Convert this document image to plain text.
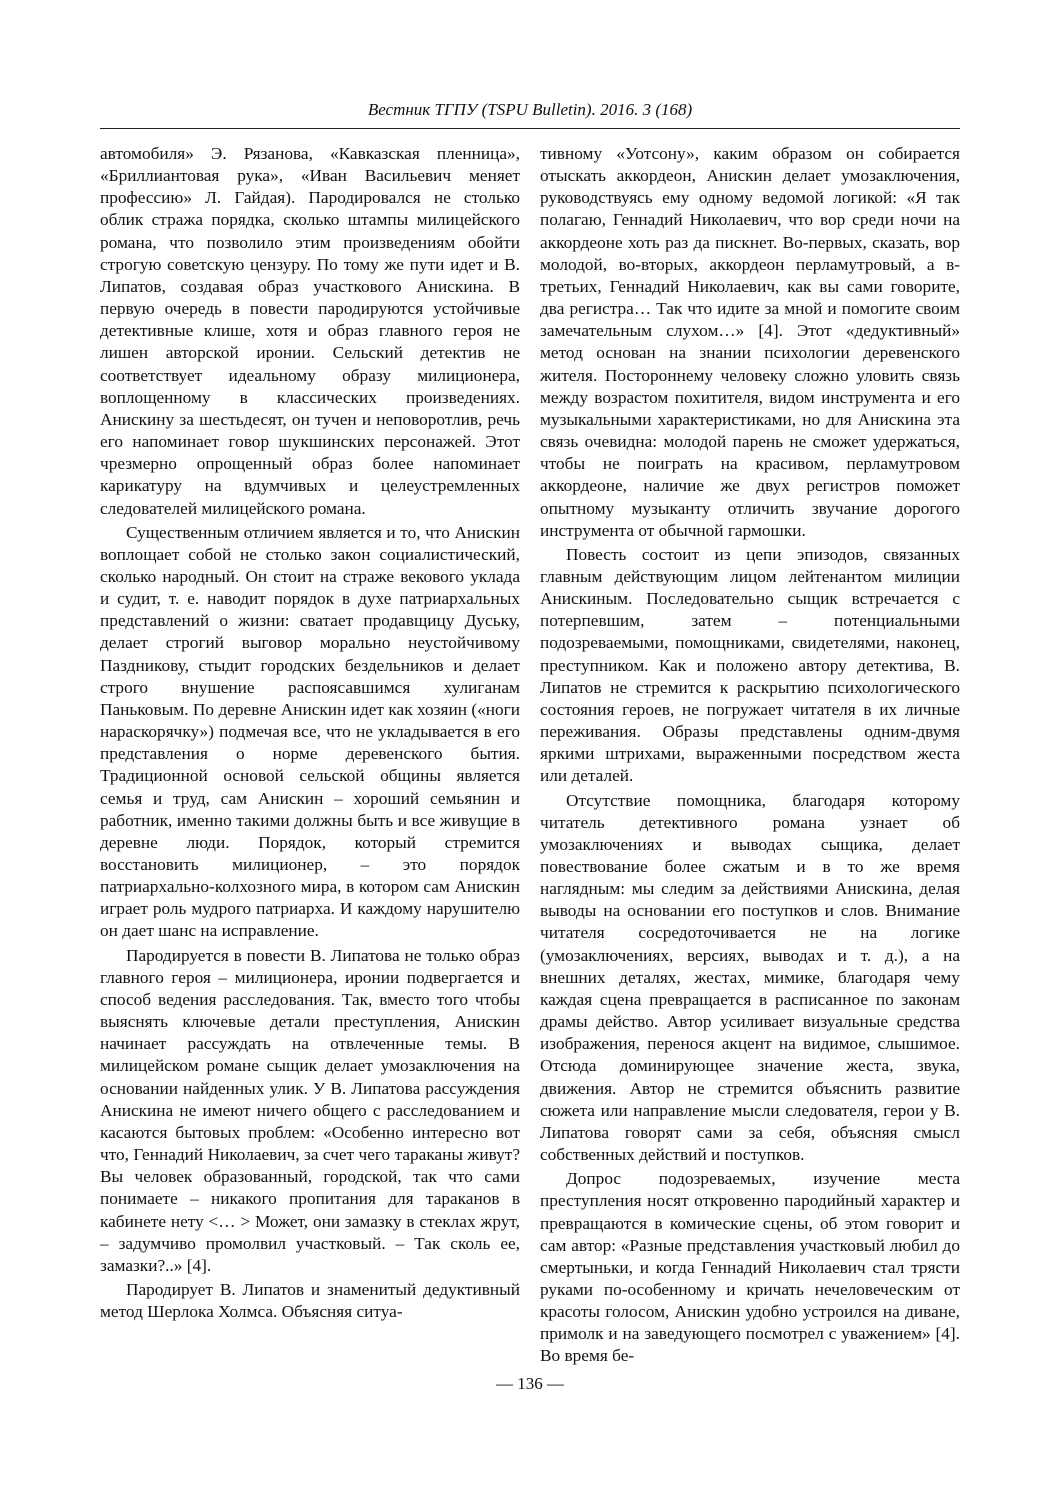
Вестник ТГПУ (TSPU Bulletin). 2016. 3 (168)

автомобиля» Э. Рязанова, «Кавказская пленница», «Бриллиантовая рука», «Иван Васильевич меняет профессию» Л. Гайдая). Пародировался не столько облик стража порядка, сколько штампы милицейского романа, что позволило этим произведениям обойти строгую советскую цензуру. По тому же пути идет и В. Липатов, создавая образ участкового Анискина. В первую очередь в повести пародируются устойчивые детективные клише, хотя и образ главного героя не лишен авторской иронии. Сельский детектив не соответствует идеальному образу милиционера, воплощенному в классических произведениях. Анискину за шестьдесят, он тучен и неповоротлив, речь его напоминает говор шукшинских персонажей. Этот чрезмерно опрощенный образ более напоминает карикатуру на вдумчивых и целеустремленных следователей милицейского романа.

Существенным отличием является и то, что Анискин воплощает собой не столько закон социалистический, сколько народный. Он стоит на страже векового уклада и судит, т. е. наводит порядок в духе патриархальных представлений о жизни: сватает продавщицу Дуську, делает строгий выговор морально неустойчивому Паздникову, стыдит городских бездельников и делает строго внушение распоясавшимся хулиганам Паньковым. По деревне Анискин идет как хозяин («ноги нараскорячку») подмечая все, что не укладывается в его представления о норме деревенского бытия. Традиционной основой сельской общины является семья и труд, сам Анискин – хороший семьянин и работник, именно такими должны быть и все живущие в деревне люди. Порядок, который стремится восстановить милиционер, – это порядок патриархально-колхозного мира, в котором сам Анискин играет роль мудрого патриарха. И каждому нарушителю он дает шанс на исправление.

Пародируется в повести В. Липатова не только образ главного героя – милиционера, иронии подвергается и способ ведения расследования. Так, вместо того чтобы выяснять ключевые детали преступления, Анискин начинает рассуждать на отвлеченные темы. В милицейском романе сыщик делает умозаключения на основании найденных улик. У В. Липатова рассуждения Анискина не имеют ничего общего с расследованием и касаются бытовых проблем: «Особенно интересно вот что, Геннадий Николаевич, за счет чего тараканы живут? Вы человек образованный, городской, так что сами понимаете – никакого пропитания для тараканов в кабинете нету <… > Может, они замазку в стеклах жрут, – задумчиво промолвил участковый. – Так сколь ее, замазки?..» [4].

Пародирует В. Липатов и знаменитый дедуктивный метод Шерлока Холмса. Объясняя ситуа-

тивному «Уотсону», каким образом он собирается отыскать аккордеон, Анискин делает умозаключения, руководствуясь ему одному ведомой логикой: «Я так полагаю, Геннадий Николаевич, что вор среди ночи на аккордеоне хоть раз да пискнет. Во-первых, сказать, вор молодой, во-вторых, аккордеон перламутровый, а в-третьих, Геннадий Николаевич, как вы сами говорите, два регистра… Так что идите за мной и помогите своим замечательным слухом…» [4]. Этот «дедуктивный» метод основан на знании психологии деревенского жителя. Постороннему человеку сложно уловить связь между возрастом похитителя, видом инструмента и его музыкальными характеристиками, но для Анискина эта связь очевидна: молодой парень не сможет удержаться, чтобы не поиграть на красивом, перламутровом аккордеоне, наличие же двух регистров поможет опытному музыканту отличить звучание дорогого инструмента от обычной гармошки.

Повесть состоит из цепи эпизодов, связанных главным действующим лицом лейтенантом милиции Анискиным. Последовательно сыщик встречается с потерпевшим, затем – потенциальными подозреваемыми, помощниками, свидетелями, наконец, преступником. Как и положено автору детектива, В. Липатов не стремится к раскрытию психологического состояния героев, не погружает читателя в их личные переживания. Образы представлены одним-двумя яркими штрихами, выраженными посредством жеста или деталей.

Отсутствие помощника, благодаря которому читатель детективного романа узнает об умозаключениях и выводах сыщика, делает повествование более сжатым и в то же время наглядным: мы следим за действиями Анискина, делая выводы на основании его поступков и слов. Внимание читателя сосредоточивается не на логике (умозаключениях, версиях, выводах и т. д.), а на внешних деталях, жестах, мимике, благодаря чему каждая сцена превращается в расписанное по законам драмы действо. Автор усиливает визуальные средства изображения, перенося акцент на видимое, слышимое. Отсюда доминирующее значение жеста, звука, движения. Автор не стремится объяснить развитие сюжета или направление мысли следователя, герои у В. Липатова говорят сами за себя, объясняя смысл собственных действий и поступков.

Допрос подозреваемых, изучение места преступления носят откровенно пародийный характер и превращаются в комические сцены, об этом говорит и сам автор: «Разные представления участковый любил до смертыньки, и когда Геннадий Николаевич стал трясти руками по-особенному и кричать нечеловеческим от красоты голосом, Анискин удобно устроился на диване, примолк и на заведующего посмотрел с уважением» [4]. Во время бе-

— 136 —
